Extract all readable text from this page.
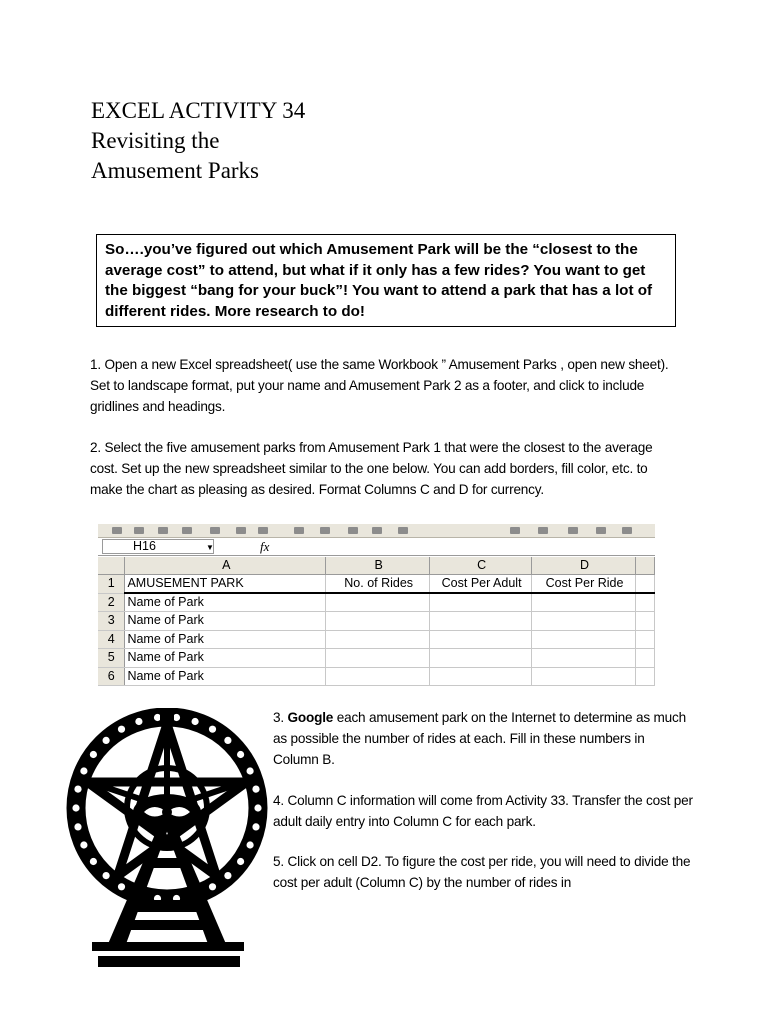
EXCEL ACTIVITY 34
Revisiting the
Amusement Parks
So….you’ve figured out which Amusement Park will be the “closest to the average cost” to attend, but what if it only has a few rides? You want to get the biggest “bang for your buck”! You want to attend a park that has a lot of different rides. More research to do!
1. Open a new Excel spreadsheet( use the same Workbook ” Amusement Parks , open new sheet). Set to landscape format, put your name and Amusement Park 2 as a footer, and click to include gridlines and headings.
2. Select the five amusement parks from Amusement Park 1 that were the closest to the average cost. Set up the new spreadsheet similar to the one below. You can add borders, fill color, etc. to make the chart as pleasing as desired. Format Columns C and D for currency.
H16	▼	fx
	A	B	C	D	
1	AMUSEMENT PARK	No. of Rides	Cost Per Adult	Cost Per Ride	
2	Name of Park				
3	Name of Park				
4	Name of Park				
5	Name of Park				
6	Name of Park				
3. Google each amusement park on the Internet to determine as much as possible the number of rides at each. Fill in these numbers in Column B.
4. Column C information will come from Activity 33. Transfer the cost per adult daily entry into Column C for each park.
5. Click on cell D2. To figure the cost per ride, you will need to divide the cost per adult (Column C) by the number of rides in
